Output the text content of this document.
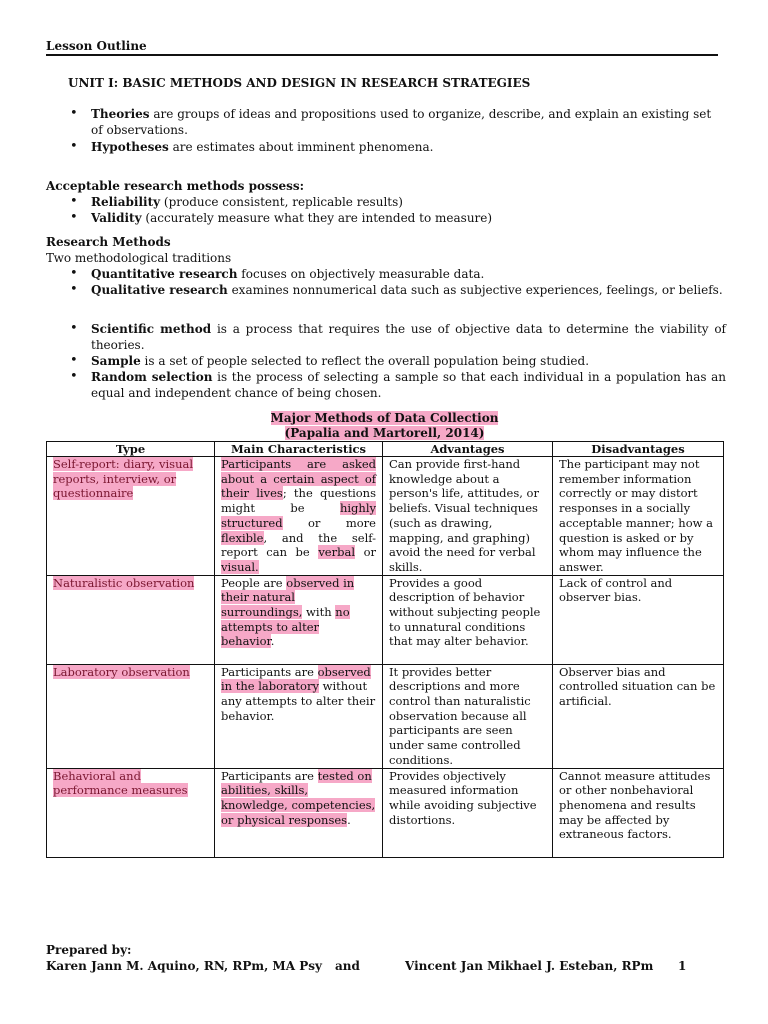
Lesson Outline
UNIT I: BASIC METHODS AND DESIGN IN RESEARCH STRATEGIES
• Theories are groups of ideas and propositions used to organize, describe, and explain an existing set of observations.
• Hypotheses are estimates about imminent phenomena.
Acceptable research methods possess:
• Reliability (produce consistent, replicable results)
• Validity (accurately measure what they are intended to measure)
Research Methods
Two methodological traditions
• Quantitative research focuses on objectively measurable data.
• Qualitative research examines nonnumerical data such as subjective experiences, feelings, or beliefs.
• Scientific method is a process that requires the use of objective data to determine the viability of theories.
• Sample is a set of people selected to reflect the overall population being studied.
• Random selection is the process of selecting a sample so that each individual in a population has an equal and independent chance of being chosen.
Major Methods of Data Collection
(Papalia and Martorell, 2014)
Type	Main Characteristics	Advantages	Disadvantages
Self-report: diary, visual reports, interview, or questionnaire	Participants are asked about a certain aspect of their lives; the questions might be highly structured or more flexible, and the self-report can be verbal or visual.	Can provide first-hand knowledge about a person's life, attitudes, or beliefs. Visual techniques (such as drawing, mapping, and graphing) avoid the need for verbal skills.	The participant may not remember information correctly or may distort responses in a socially acceptable manner; how a question is asked or by whom may influence the answer.
Naturalistic observation	People are observed in their natural surroundings, with no attempts to alter behavior.	Provides a good description of behavior without subjecting people to unnatural conditions that may alter behavior.	Lack of control and observer bias.
Laboratory observation	Participants are observed in the laboratory without any attempts to alter their behavior.	It provides better descriptions and more control than naturalistic observation because all participants are seen under same controlled conditions.	Observer bias and controlled situation can be artificial.
Behavioral and performance measures	Participants are tested on abilities, skills, knowledge, competencies, or physical responses.	Provides objectively measured information while avoiding subjective distortions.	Cannot measure attitudes or other nonbehavioral phenomena and results may be affected by extraneous factors.
Prepared by:
Karen Jann M. Aquino, RN, RPm, MA Psy and	Vincent Jan Mikhael J. Esteban, RPm 1
